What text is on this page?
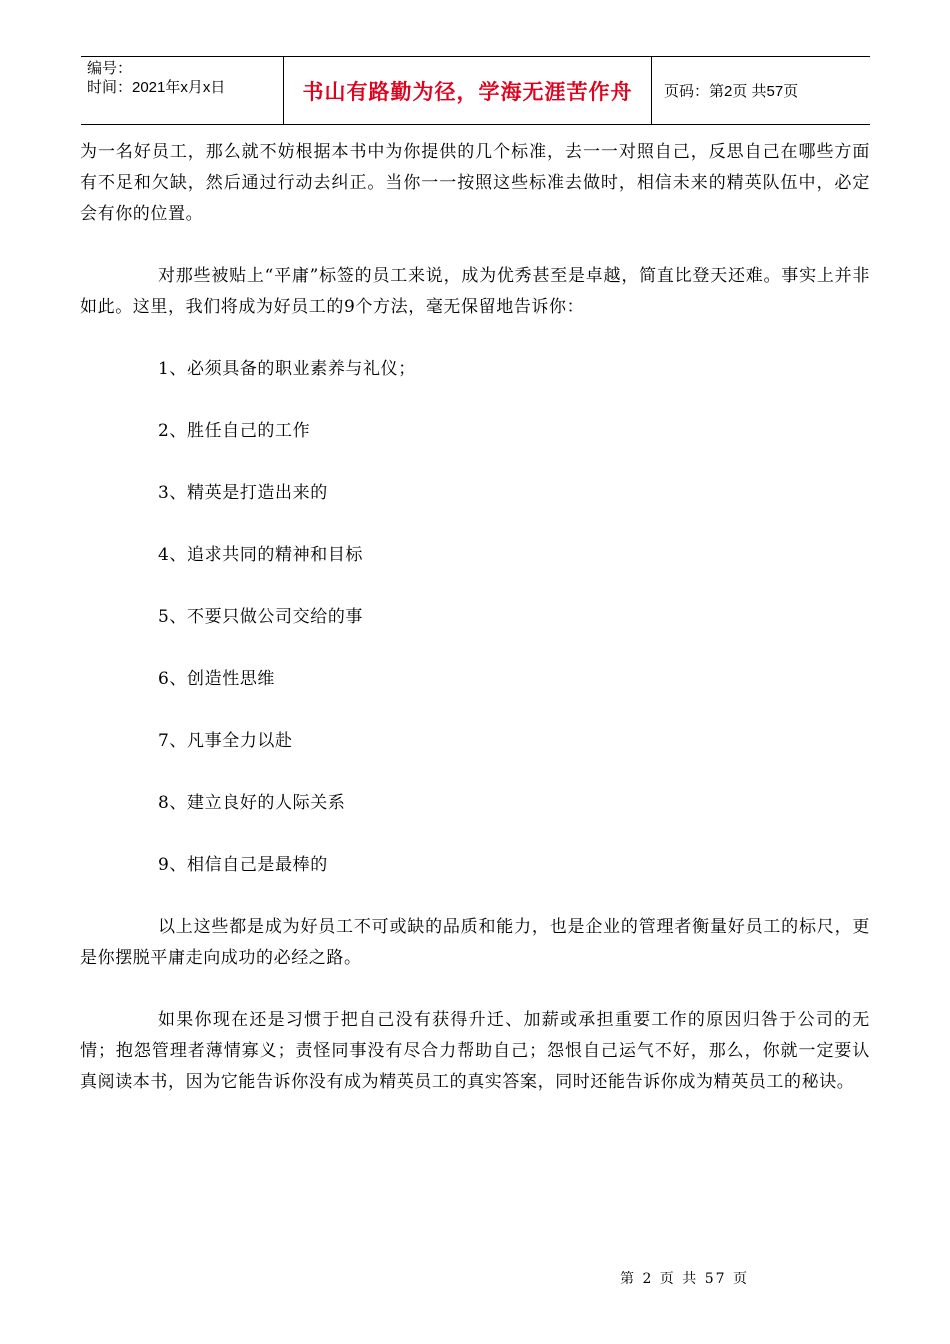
编号：
时间：2021年x月x日	书山有路勤为径，学海无涯苦作舟	页码：第2页 共57页

为一名好员工，那么就不妨根据本书中为你提供的几个标准，去一一对照自己，反思自己在哪些方面有不足和欠缺，然后通过行动去纠正。当你一一按照这些标准去做时，相信未来的精英队伍中，必定会有你的位置。

对那些被贴上“平庸”标签的员工来说，成为优秀甚至是卓越，简直比登天还难。事实上并非如此。这里，我们将成为好员工的9个方法，毫无保留地告诉你：

1、必须具备的职业素养与礼仪；

2、胜任自己的工作

3、精英是打造出来的

4、追求共同的精神和目标

5、不要只做公司交给的事

6、创造性思维

7、凡事全力以赴

8、建立良好的人际关系

9、相信自己是最棒的

以上这些都是成为好员工不可或缺的品质和能力，也是企业的管理者衡量好员工的标尺，更是你摆脱平庸走向成功的必经之路。

如果你现在还是习惯于把自己没有获得升迁、加薪或承担重要工作的原因归咎于公司的无情；抱怨管理者薄情寡义；责怪同事没有尽合力帮助自己；怨恨自己运气不好，那么，你就一定要认真阅读本书，因为它能告诉你没有成为精英员工的真实答案，同时还能告诉你成为精英员工的秘诀。

第 2 页 共 57 页
